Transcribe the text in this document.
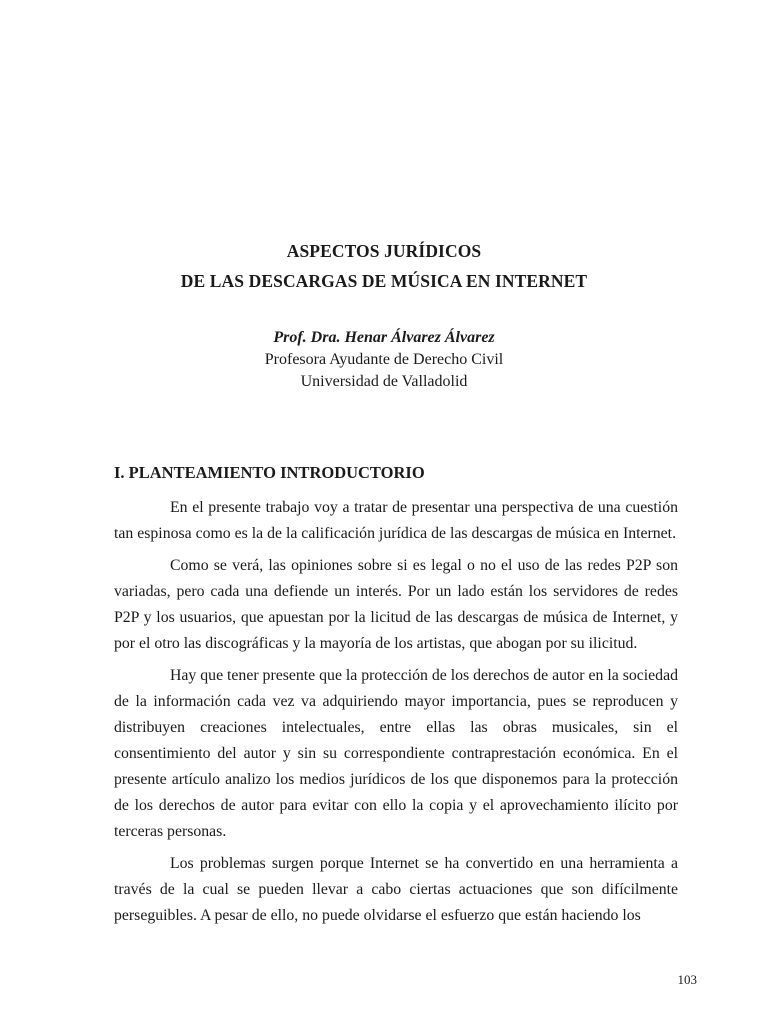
ASPECTOS JURÍDICOS
DE LAS DESCARGAS DE MÚSICA EN INTERNET
Prof. Dra. Henar Álvarez Álvarez
Profesora Ayudante de Derecho Civil
Universidad de Valladolid
I. PLANTEAMIENTO INTRODUCTORIO

En el presente trabajo voy a tratar de presentar una perspectiva de una cuestión tan espinosa como es la de la calificación jurídica de las descargas de música en Internet.

Como se verá, las opiniones sobre si es legal o no el uso de las redes P2P son variadas, pero cada una defiende un interés. Por un lado están los servidores de redes P2P y los usuarios, que apuestan por la licitud de las descargas de música de Internet, y por el otro las discográficas y la mayoría de los artistas, que abogan por su ilicitud.

Hay que tener presente que la protección de los derechos de autor en la sociedad de la información cada vez va adquiriendo mayor importancia, pues se reproducen y distribuyen creaciones intelectuales, entre ellas las obras musicales, sin el consentimiento del autor y sin su correspondiente contraprestación económica. En el presente artículo analizo los medios jurídicos de los que disponemos para la protección de los derechos de autor para evitar con ello la copia y el aprovechamiento ilícito por terceras personas.

Los problemas surgen porque Internet se ha convertido en una herramienta a través de la cual se pueden llevar a cabo ciertas actuaciones que son difícilmente perseguibles. A pesar de ello, no puede olvidarse el esfuerzo que están haciendo los

103
